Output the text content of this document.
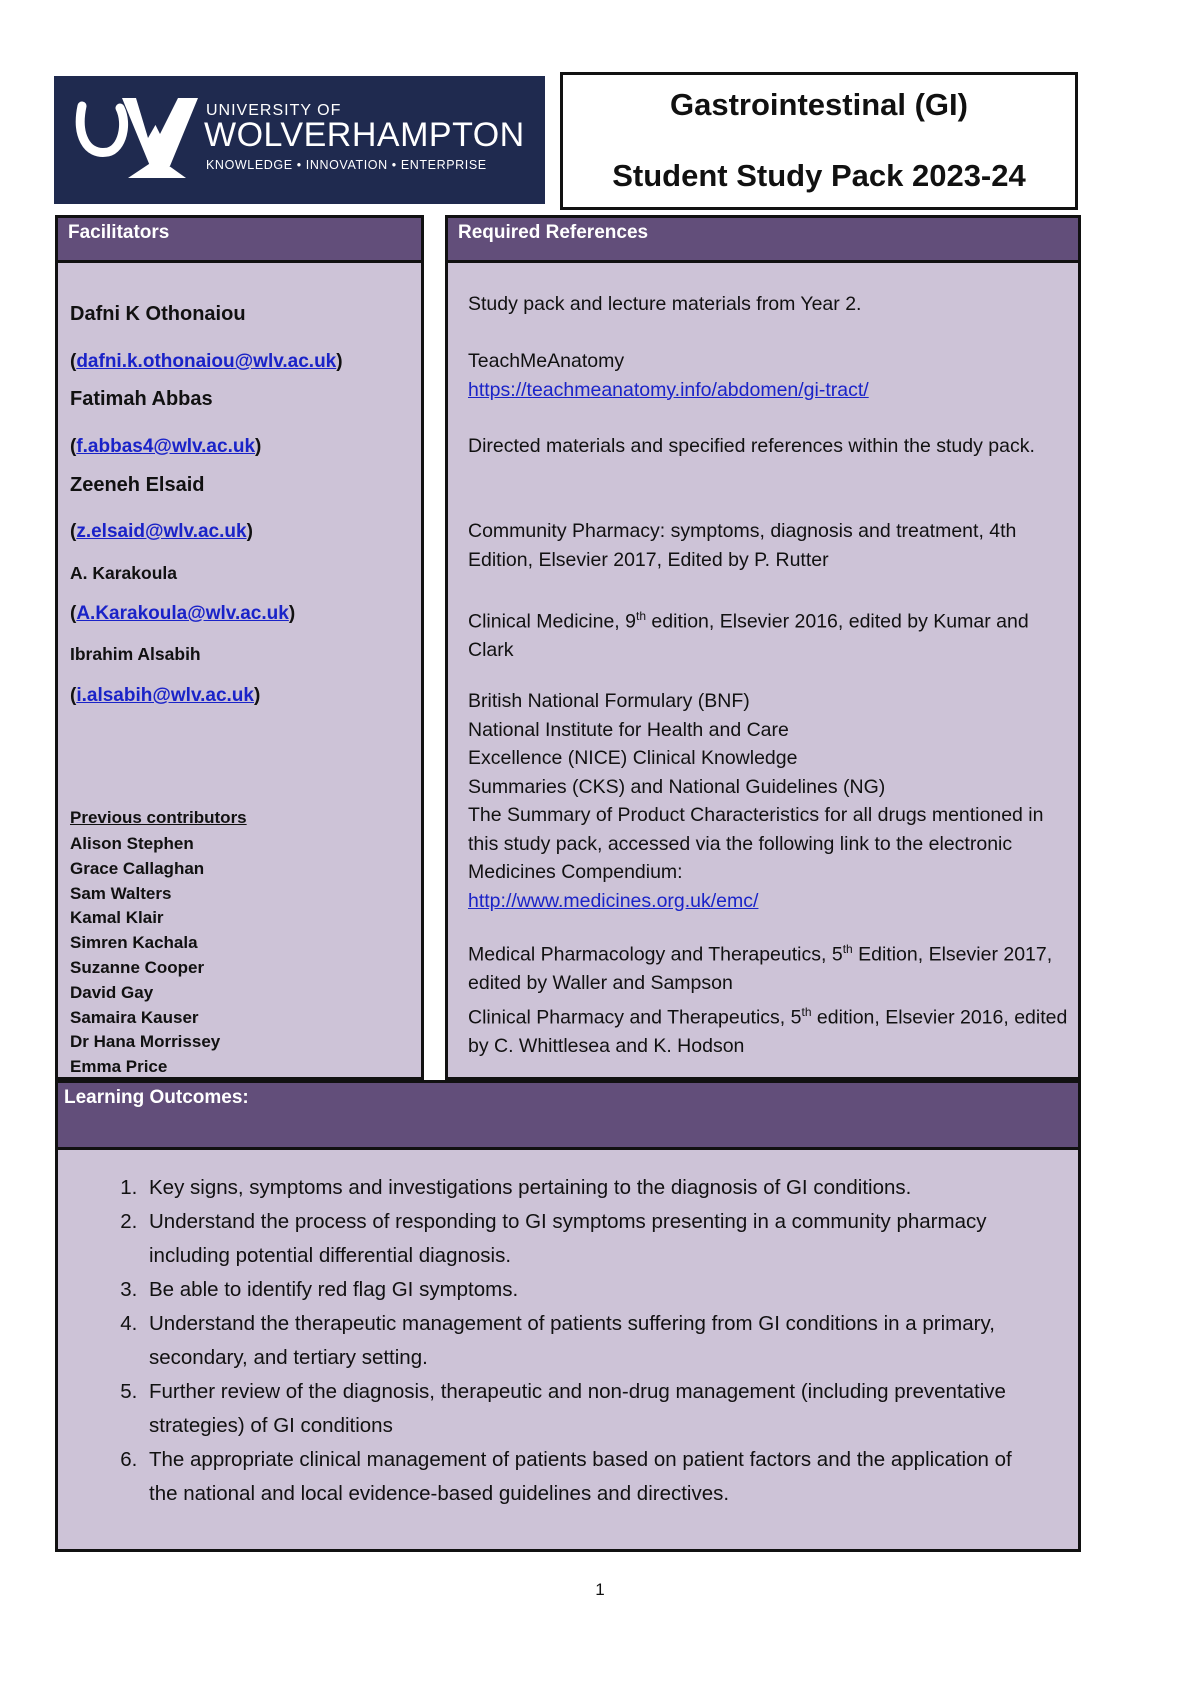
UNIVERSITY OF
WOLVERHAMPTON
KNOWLEDGE • INNOVATION • ENTERPRISE
Gastrointestinal (GI)
Student Study Pack 2023-24
Facilitators
Dafni K Othonaiou
(dafni.k.othonaiou@wlv.ac.uk)
Fatimah Abbas
(f.abbas4@wlv.ac.uk)
Zeeneh Elsaid
(z.elsaid@wlv.ac.uk)
A. Karakoula
(A.Karakoula@wlv.ac.uk)
Ibrahim Alsabih
(i.alsabih@wlv.ac.uk)
Previous contributors
Alison Stephen
Grace Callaghan
Sam Walters
Kamal Klair
Simren Kachala
Suzanne Cooper
David Gay
Samaira Kauser
Dr Hana Morrissey
Emma Price
Required References
Study pack and lecture materials from Year 2.
TeachMeAnatomy
https://teachmeanatomy.info/abdomen/gi-tract/
Directed materials and specified references within the study pack.
Community Pharmacy: symptoms, diagnosis and treatment, 4th Edition, Elsevier 2017, Edited by P. Rutter
Clinical Medicine, 9th edition, Elsevier 2016, edited by Kumar and Clark
British National Formulary (BNF)
National Institute for Health and Care
Excellence (NICE) Clinical Knowledge
Summaries (CKS) and National Guidelines (NG)
The Summary of Product Characteristics for all drugs mentioned in this study pack, accessed via the following link to the electronic Medicines Compendium:
http://www.medicines.org.uk/emc/
Medical Pharmacology and Therapeutics, 5th Edition, Elsevier 2017, edited by Waller and Sampson
Clinical Pharmacy and Therapeutics, 5th edition, Elsevier 2016, edited by C. Whittlesea and K. Hodson
Learning Outcomes:
1. Key signs, symptoms and investigations pertaining to the diagnosis of GI conditions.
2. Understand the process of responding to GI symptoms presenting in a community pharmacy including potential differential diagnosis.
3. Be able to identify red flag GI symptoms.
4. Understand the therapeutic management of patients suffering from GI conditions in a primary, secondary, and tertiary setting.
5. Further review of the diagnosis, therapeutic and non-drug management (including preventative strategies) of GI conditions
6. The appropriate clinical management of patients based on patient factors and the application of the national and local evidence-based guidelines and directives.
1
